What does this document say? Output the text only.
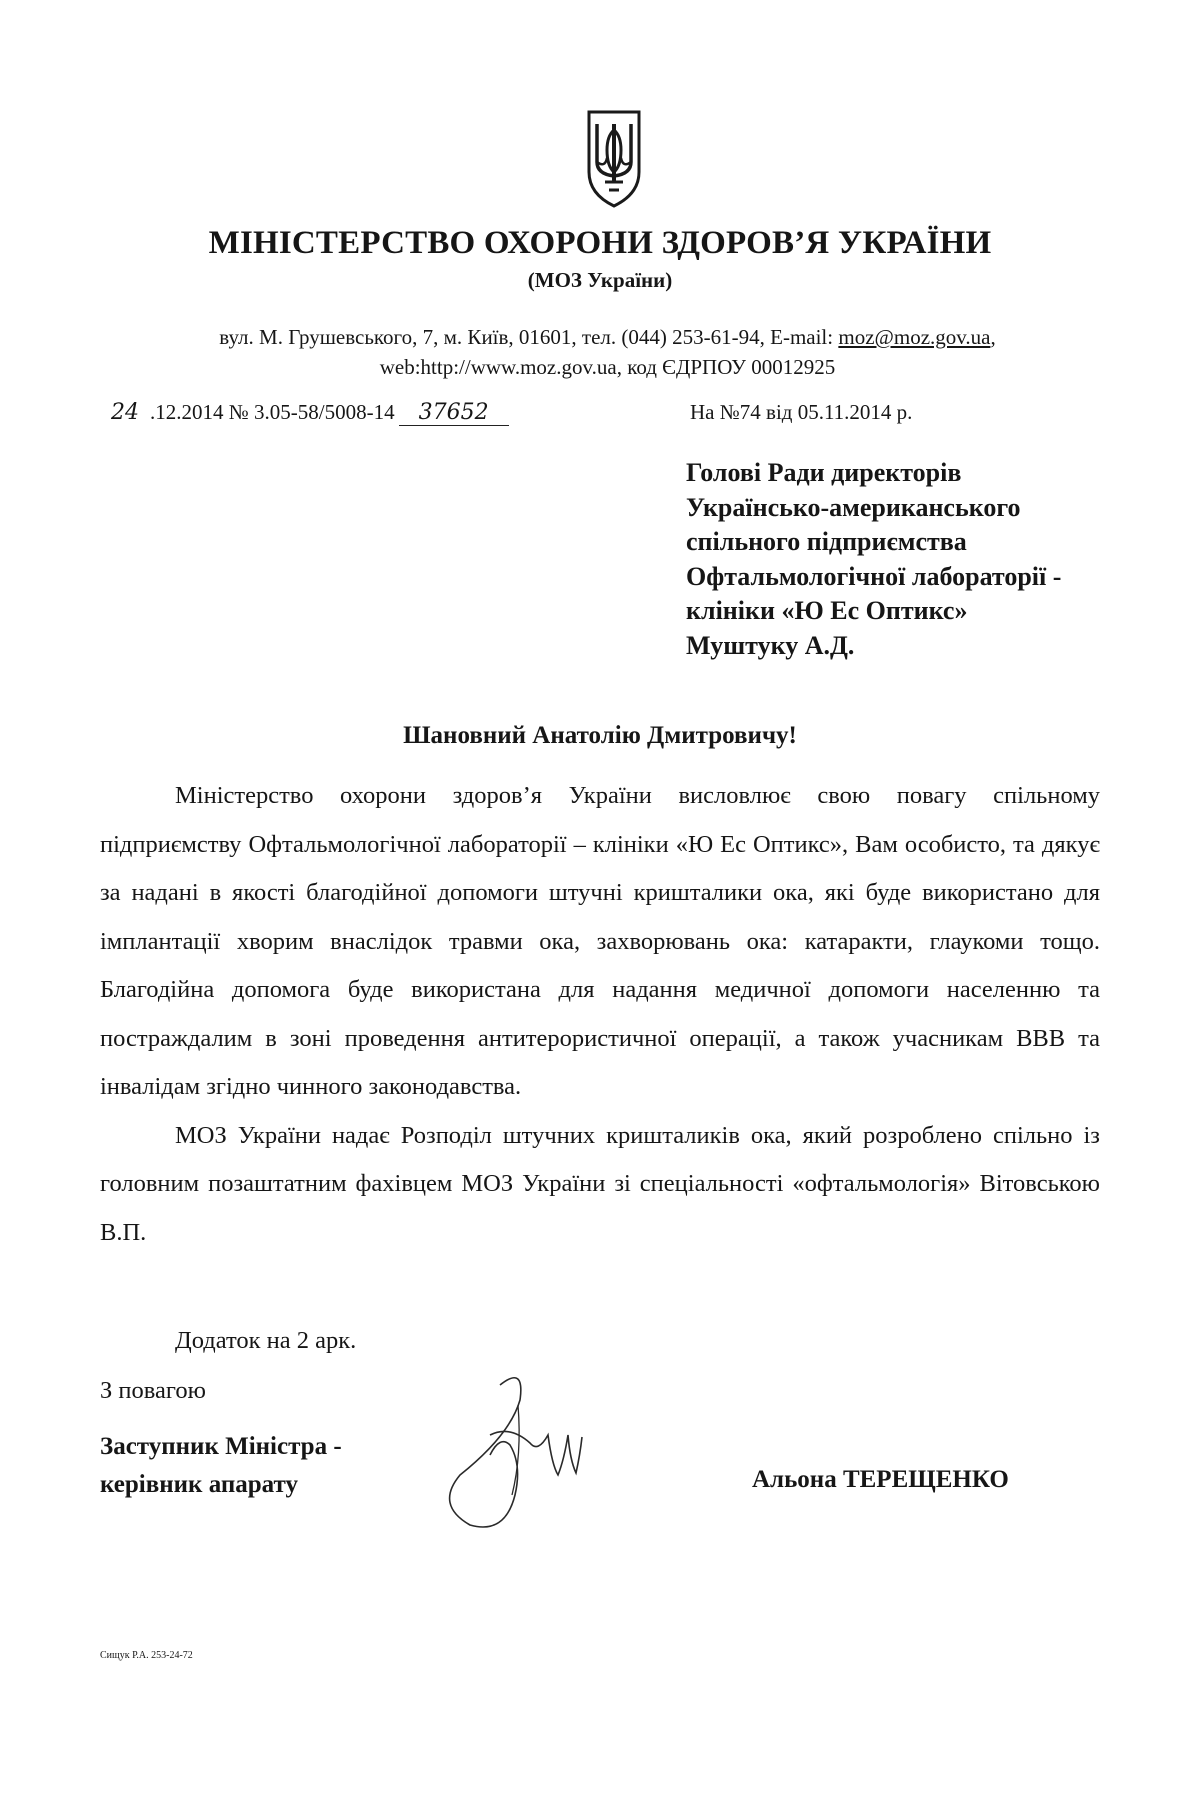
МІНІСТЕРСТВО ОХОРОНИ ЗДОРОВ’Я УКРАЇНИ
(МОЗ України)
вул. М. Грушевського, 7, м. Київ, 01601, тел. (044) 253-61-94, E-mail: moz@moz.gov.ua,
web:http://www.moz.gov.ua, код ЄДРПОУ 00012925
24 .12.2014 № 3.05-58/5008-14 37652	На №74 від 05.11.2014 р.
Голові Ради директорів
Українсько-американського
спільного підприємства
Офтальмологічної лабораторії -
клініки «Ю Ес Оптикс»
Муштуку А.Д.
Шановний Анатолію Дмитровичу!

Міністерство охорони здоров’я України висловлює свою повагу спільному підприємству Офтальмологічної лабораторії – клініки «Ю Ес Оптикс», Вам особисто, та дякує за надані в якості благодійної допомоги штучні кришталики ока, які буде використано для імплантації хворим внаслідок травми ока, захворювань ока: катаракти, глаукоми тощо. Благодійна допомога буде використана для надання медичної допомоги населенню та постраждалим в зоні проведення антитерористичної операції, а також учасникам ВВВ та інвалідам згідно чинного законодавства.

МОЗ України надає Розподіл штучних кришталиків ока, який розроблено спільно із головним позаштатним фахівцем МОЗ України зі спеціальності «офтальмологія» Вітовською В.П.

Додаток на 2 арк.
З повагою
Заступник Міністра -
керівник апарату	Альона ТЕРЕЩЕНКО
Сищук Р.А. 253-24-72
